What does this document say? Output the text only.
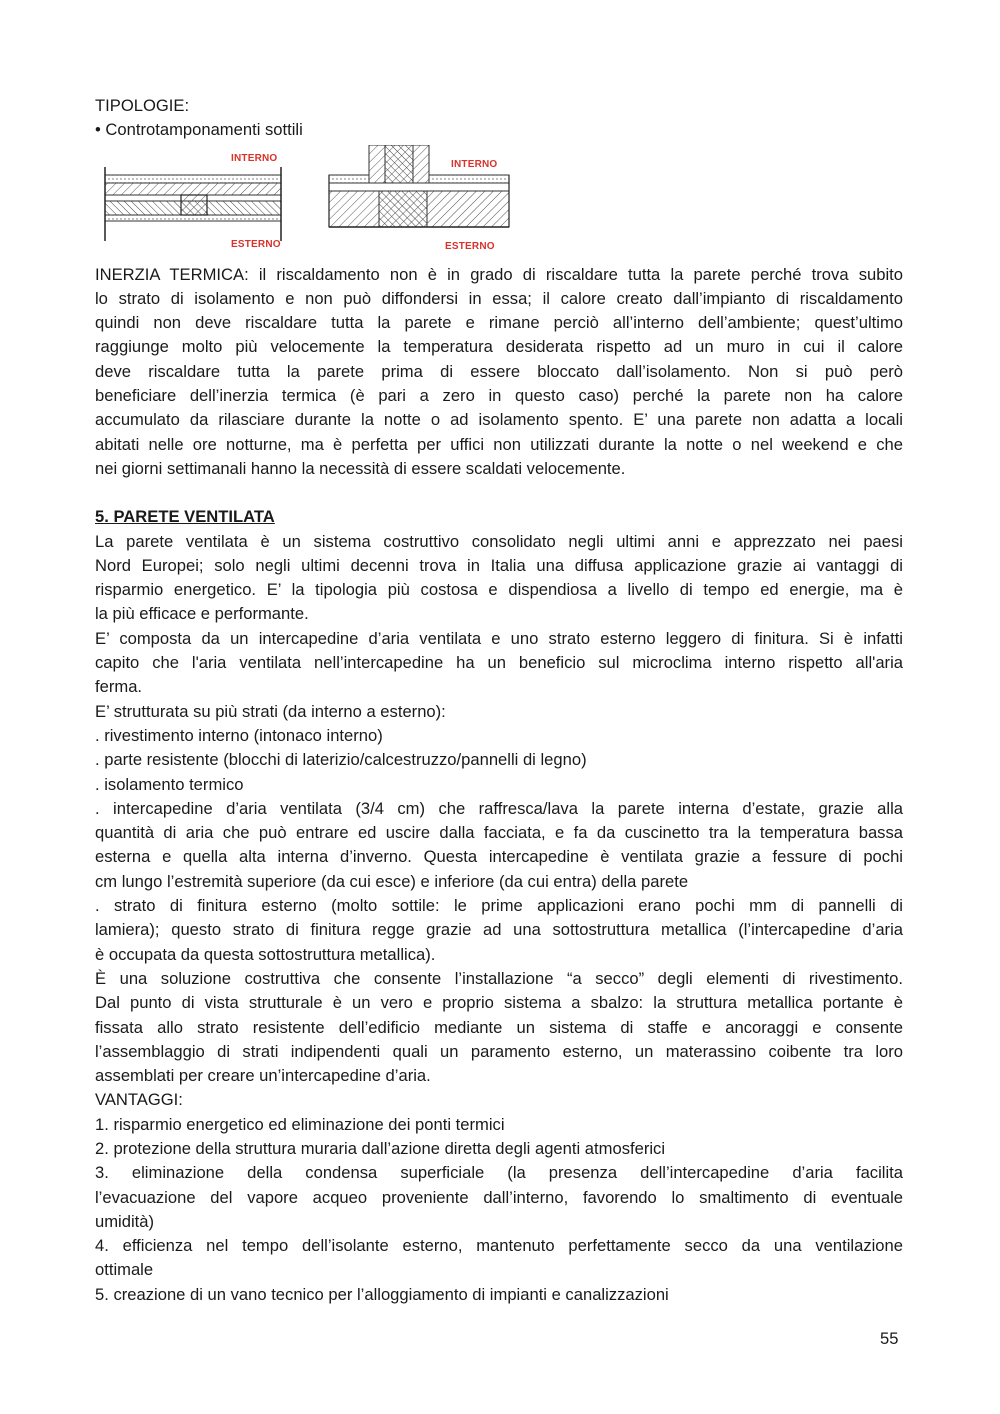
TIPOLOGIE:
• Controtamponamenti sottili
INTERNO
ESTERNO
INTERNO
ESTERNO
INERZIA TERMICA: il riscaldamento non è in grado di riscaldare tutta la parete perché trova subito
lo strato di isolamento e non può diffondersi in essa; il calore creato dall’impianto di riscaldamento
quindi non deve riscaldare tutta la parete e rimane perciò all’interno dell’ambiente; quest’ultimo
raggiunge molto più velocemente la temperatura desiderata rispetto ad un muro in cui il calore
deve riscaldare tutta la parete prima di essere bloccato dall’isolamento. Non si può però
beneficiare dell’inerzia termica (è pari a zero in questo caso) perché la parete non ha calore
accumulato da rilasciare durante la notte o ad isolamento spento. E’ una parete non adatta a locali
abitati nelle ore notturne, ma è perfetta per uffici non utilizzati durante la notte o nel weekend e che
nei giorni settimanali hanno la necessità di essere scaldati velocemente.
5. PARETE VENTILATA
La parete ventilata è un sistema costruttivo consolidato negli ultimi anni e apprezzato nei paesi
Nord Europei; solo negli ultimi decenni trova in Italia una diffusa applicazione grazie ai vantaggi di
risparmio energetico. E’ la tipologia più costosa e dispendiosa a livello di tempo ed energie, ma è
la più efficace e performante.
E’ composta da un intercapedine d’aria ventilata e uno strato esterno leggero di finitura. Si è infatti
capito che l'aria ventilata nell’intercapedine ha un beneficio sul microclima interno rispetto all'aria
ferma.
E’ strutturata su più strati (da interno a esterno):
. rivestimento interno (intonaco interno)
. parte resistente (blocchi di laterizio/calcestruzzo/pannelli di legno)
. isolamento termico
. intercapedine d’aria ventilata (3/4 cm) che raffresca/lava la parete interna d’estate, grazie alla
quantità di aria che può entrare ed uscire dalla facciata, e fa da cuscinetto tra la temperatura bassa
esterna e quella alta interna d’inverno. Questa intercapedine è ventilata grazie a fessure di pochi
cm lungo l’estremità superiore (da cui esce) e inferiore (da cui entra) della parete
. strato di finitura esterno (molto sottile: le prime applicazioni erano pochi mm di pannelli di
lamiera); questo strato di finitura regge grazie ad una sottostruttura metallica (l’intercapedine d’aria
è occupata da questa sottostruttura metallica).
È una soluzione costruttiva che consente l’installazione “a secco” degli elementi di rivestimento.
Dal punto di vista strutturale è un vero e proprio sistema a sbalzo: la struttura metallica portante è
fissata allo strato resistente dell’edificio mediante un sistema di staffe e ancoraggi e consente
l’assemblaggio di strati indipendenti quali un paramento esterno, un materassino coibente tra loro
assemblati per creare un’intercapedine d’aria.
VANTAGGI:
1. risparmio energetico ed eliminazione dei ponti termici
2. protezione della struttura muraria dall’azione diretta degli agenti atmosferici
3. eliminazione della condensa superficiale (la presenza dell’intercapedine d’aria facilita
l’evacuazione del vapore acqueo proveniente dall’interno, favorendo lo smaltimento di eventuale
umidità)
4. efficienza nel tempo dell’isolante esterno, mantenuto perfettamente secco da una ventilazione
ottimale
5. creazione di un vano tecnico per l’alloggiamento di impianti e canalizzazioni
55
